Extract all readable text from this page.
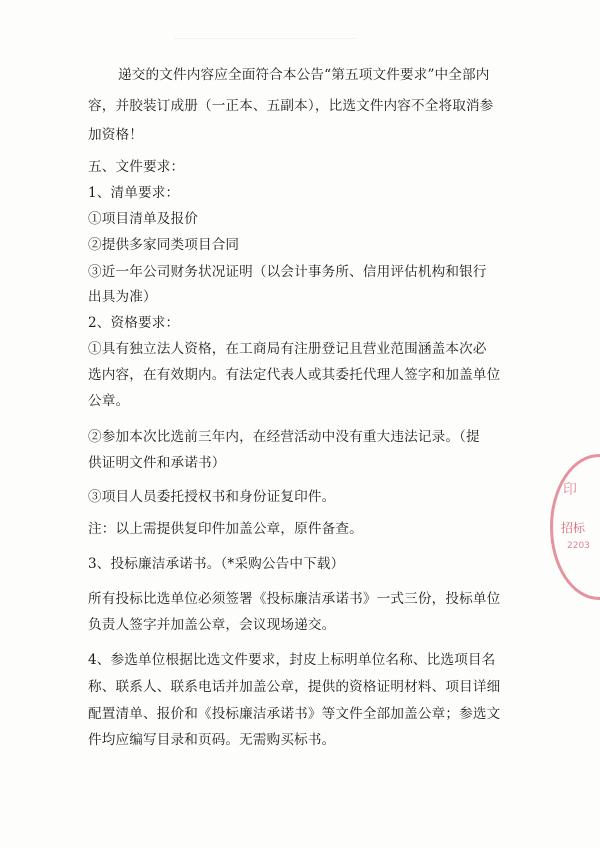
递交的文件内容应全面符合本公告“第五项文件要求”中全部内
容，并胶装订成册（一正本、五副本），比选文件内容不全将取消参
加资格！
五、文件要求：
1、清单要求：
①项目清单及报价
②提供多家同类项目合同
③近一年公司财务状况证明（以会计事务所、信用评估机构和银行
出具为准）
2、资格要求：
①具有独立法人资格，在工商局有注册登记且营业范围涵盖本次必
选内容，在有效期内。有法定代表人或其委托代理人签字和加盖单位
公章。
②参加本次比选前三年内，在经营活动中没有重大违法记录。（提
供证明文件和承诺书）
③项目人员委托授权书和身份证复印件。
注：以上需提供复印件加盖公章，原件备查。
3、投标廉洁承诺书。（*采购公告中下载）
所有投标比选单位必须签署《投标廉洁承诺书》一式三份，投标单位
负责人签字并加盖公章，会议现场递交。
4、参选单位根据比选文件要求，封皮上标明单位名称、比选项目名
称、联系人、联系电话并加盖公章，提供的资格证明材料、项目详细
配置清单、报价和《投标廉洁承诺书》等文件全部加盖公章；参选文
件均应编写目录和页码。无需购买标书。
印
招标
2203
